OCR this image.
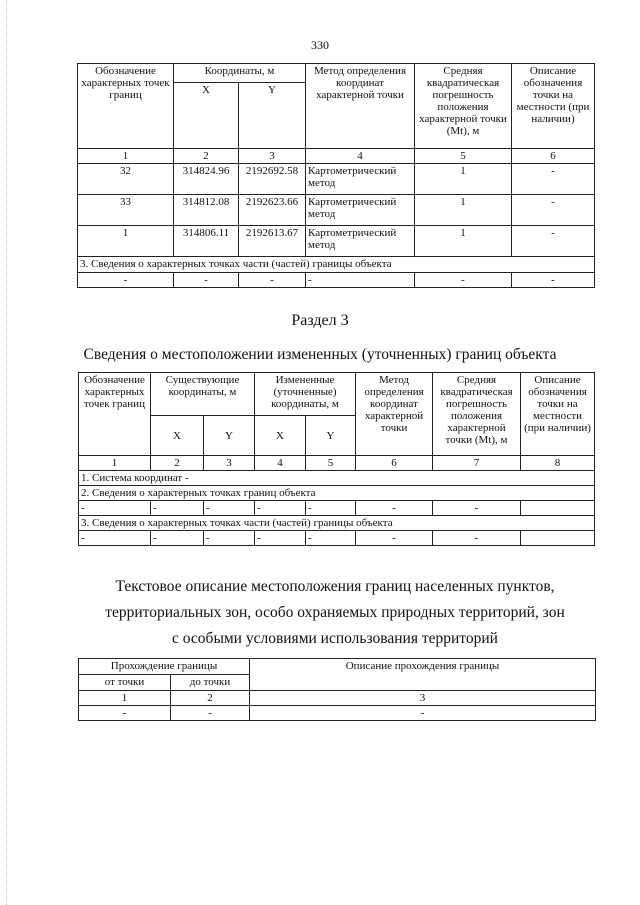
330
Обозначение характерных точек границ	Координаты, м		Метод определения координат характерной точки	Средняя квадратическая погрешность положения характерной точки (Mt), м	Описание обозначения точки на местности (при наличии)
	X	Y			
1	2	3	4	5	6
32	314824.96	2192692.58	Картометрический метод	1	-
33	314812.08	2192623.66	Картометрический метод	1	-
1	314806.11	2192613.67	Картометрический метод	1	-
3. Сведения о характерных точках части (частей) границы объекта					
-	-	-	-	-	-
Раздел 3
Сведения о местоположении измененных (уточненных) границ объекта
Обозначение характерных точек границ	Существующие координаты, м		Измененные (уточненные) координаты, м		Метод определения координат характерной точки	Средняя квадратическая погрешность положения характерной точки (Mt), м	Описание обозначения точки на местности (при наличии)
	X	Y	X	Y			
1	2	3	4	5	6	7	8
1. Система координат -							
2. Сведения о характерных точках границ объекта							
-	-	-	-	-	-	-	
3. Сведения о характерных точках части (частей) границы объекта							
-	-	-	-	-	-	-	
Текстовое описание местоположения границ населенных пунктов,
территориальных зон, особо охраняемых природных территорий, зон
с особыми условиями использования территорий
Прохождение границы		Описание прохождения границы
от точки	до точки	
1	2	3
-	-	-
